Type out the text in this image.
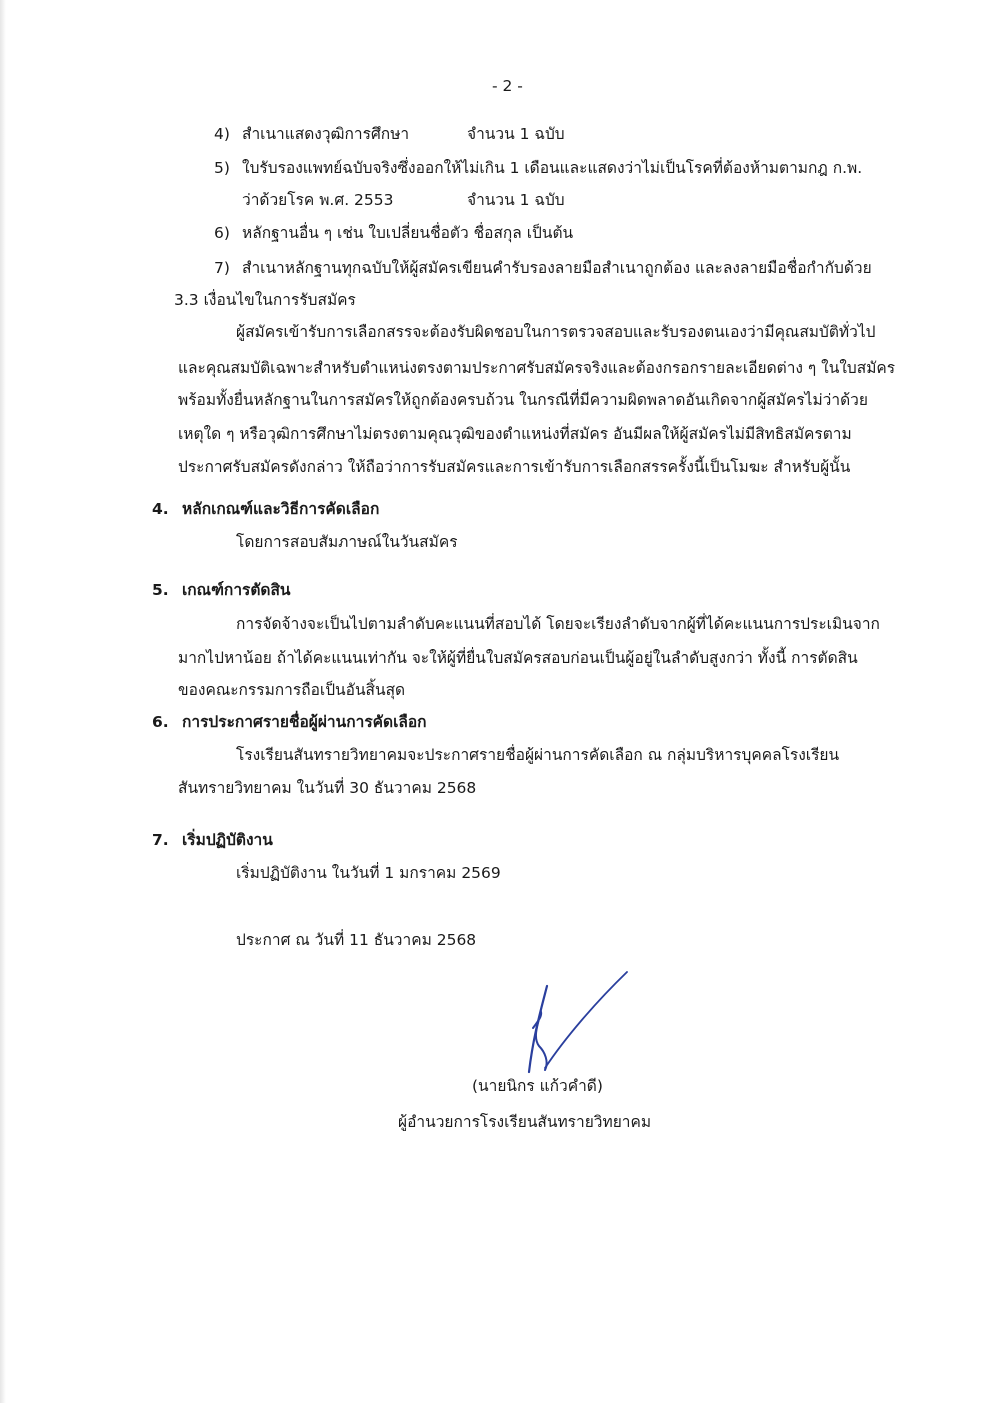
- 2 -
4) สำเนาแสดงวุฒิการศึกษา	จำนวน 1 ฉบับ
5) ใบรับรองแพทย์ฉบับจริงซึ่งออกให้ไม่เกิน 1 เดือนและแสดงว่าไม่เป็นโรคที่ต้องห้ามตามกฎ ก.พ.
ว่าด้วยโรค พ.ศ. 2553	จำนวน 1 ฉบับ
6) หลักฐานอื่น ๆ เช่น ใบเปลี่ยนชื่อตัว ชื่อสกุล เป็นต้น
7) สำเนาหลักฐานทุกฉบับให้ผู้สมัครเขียนคำรับรองลายมือสำเนาถูกต้อง และลงลายมือชื่อกำกับด้วย
3.3 เงื่อนไขในการรับสมัคร
ผู้สมัครเข้ารับการเลือกสรรจะต้องรับผิดชอบในการตรวจสอบและรับรองตนเองว่ามีคุณสมบัติทั่วไป
และคุณสมบัติเฉพาะสำหรับตำแหน่งตรงตามประกาศรับสมัครจริงและต้องกรอกรายละเอียดต่าง ๆ ในใบสมัคร
พร้อมทั้งยื่นหลักฐานในการสมัครให้ถูกต้องครบถ้วน ในกรณีที่มีความผิดพลาดอันเกิดจากผู้สมัครไม่ว่าด้วย
เหตุใด ๆ หรือวุฒิการศึกษาไม่ตรงตามคุณวุฒิของตำแหน่งที่สมัคร อันมีผลให้ผู้สมัครไม่มีสิทธิสมัครตาม
ประกาศรับสมัครดังกล่าว ให้ถือว่าการรับสมัครและการเข้ารับการเลือกสรรครั้งนี้เป็นโมฆะ สำหรับผู้นั้น
4. หลักเกณฑ์และวิธีการคัดเลือก
โดยการสอบสัมภาษณ์ในวันสมัคร
5. เกณฑ์การตัดสิน
การจัดจ้างจะเป็นไปตามลำดับคะแนนที่สอบได้ โดยจะเรียงลำดับจากผู้ที่ได้คะแนนการประเมินจาก
มากไปหาน้อย ถ้าได้คะแนนเท่ากัน จะให้ผู้ที่ยื่นใบสมัครสอบก่อนเป็นผู้อยู่ในลำดับสูงกว่า ทั้งนี้ การตัดสิน
ของคณะกรรมการถือเป็นอันสิ้นสุด
6. การประกาศรายชื่อผู้ผ่านการคัดเลือก
โรงเรียนสันทรายวิทยาคมจะประกาศรายชื่อผู้ผ่านการคัดเลือก ณ กลุ่มบริหารบุคคลโรงเรียน
สันทรายวิทยาคม ในวันที่ 30 ธันวาคม 2568
7. เริ่มปฏิบัติงาน
เริ่มปฏิบัติงาน ในวันที่ 1 มกราคม 2569
ประกาศ ณ วันที่ 11 ธันวาคม 2568
(นายนิกร แก้วคำดี)
ผู้อำนวยการโรงเรียนสันทรายวิทยาคม
